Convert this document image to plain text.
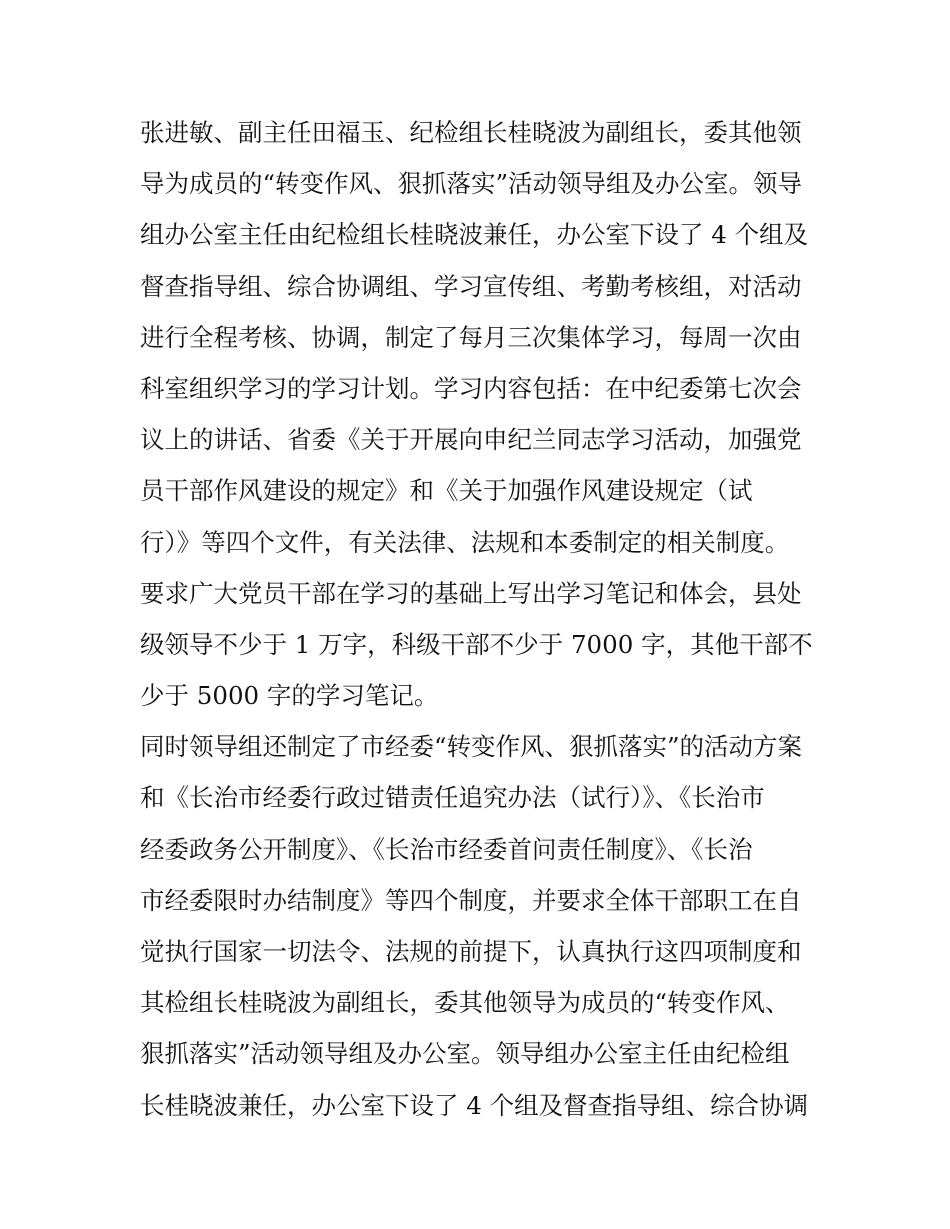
张进敏、副主任田福玉、纪检组长桂晓波为副组长，委其他领
导为成员的“转变作风、狠抓落实”活动领导组及办公室。领导
组办公室主任由纪检组长桂晓波兼任，办公室下设了 4 个组及
督查指导组、综合协调组、学习宣传组、考勤考核组，对活动
进行全程考核、协调，制定了每月三次集体学习，每周一次由
科室组织学习的学习计划。学习内容包括：在中纪委第七次会
议上的讲话、省委《关于开展向申纪兰同志学习活动，加强党
员干部作风建设的规定》和《关于加强作风建设规定（试
行）》等四个文件，有关法律、法规和本委制定的相关制度。
要求广大党员干部在学习的基础上写出学习笔记和体会，县处
级领导不少于 1 万字，科级干部不少于 7000 字，其他干部不
少于 5000 字的学习笔记。
同时领导组还制定了市经委“转变作风、狠抓落实”的活动方案
和《长治市经委行政过错责任追究办法（试行）》、《长治市
经委政务公开制度》、《长治市经委首问责任制度》、《长治
市经委限时办结制度》等四个制度，并要求全体干部职工在自
觉执行国家一切法令、法规的前提下，认真执行这四项制度和
其检组长桂晓波为副组长，委其他领导为成员的“转变作风、
狠抓落实”活动领导组及办公室。领导组办公室主任由纪检组
长桂晓波兼任，办公室下设了 4 个组及督查指导组、综合协调
